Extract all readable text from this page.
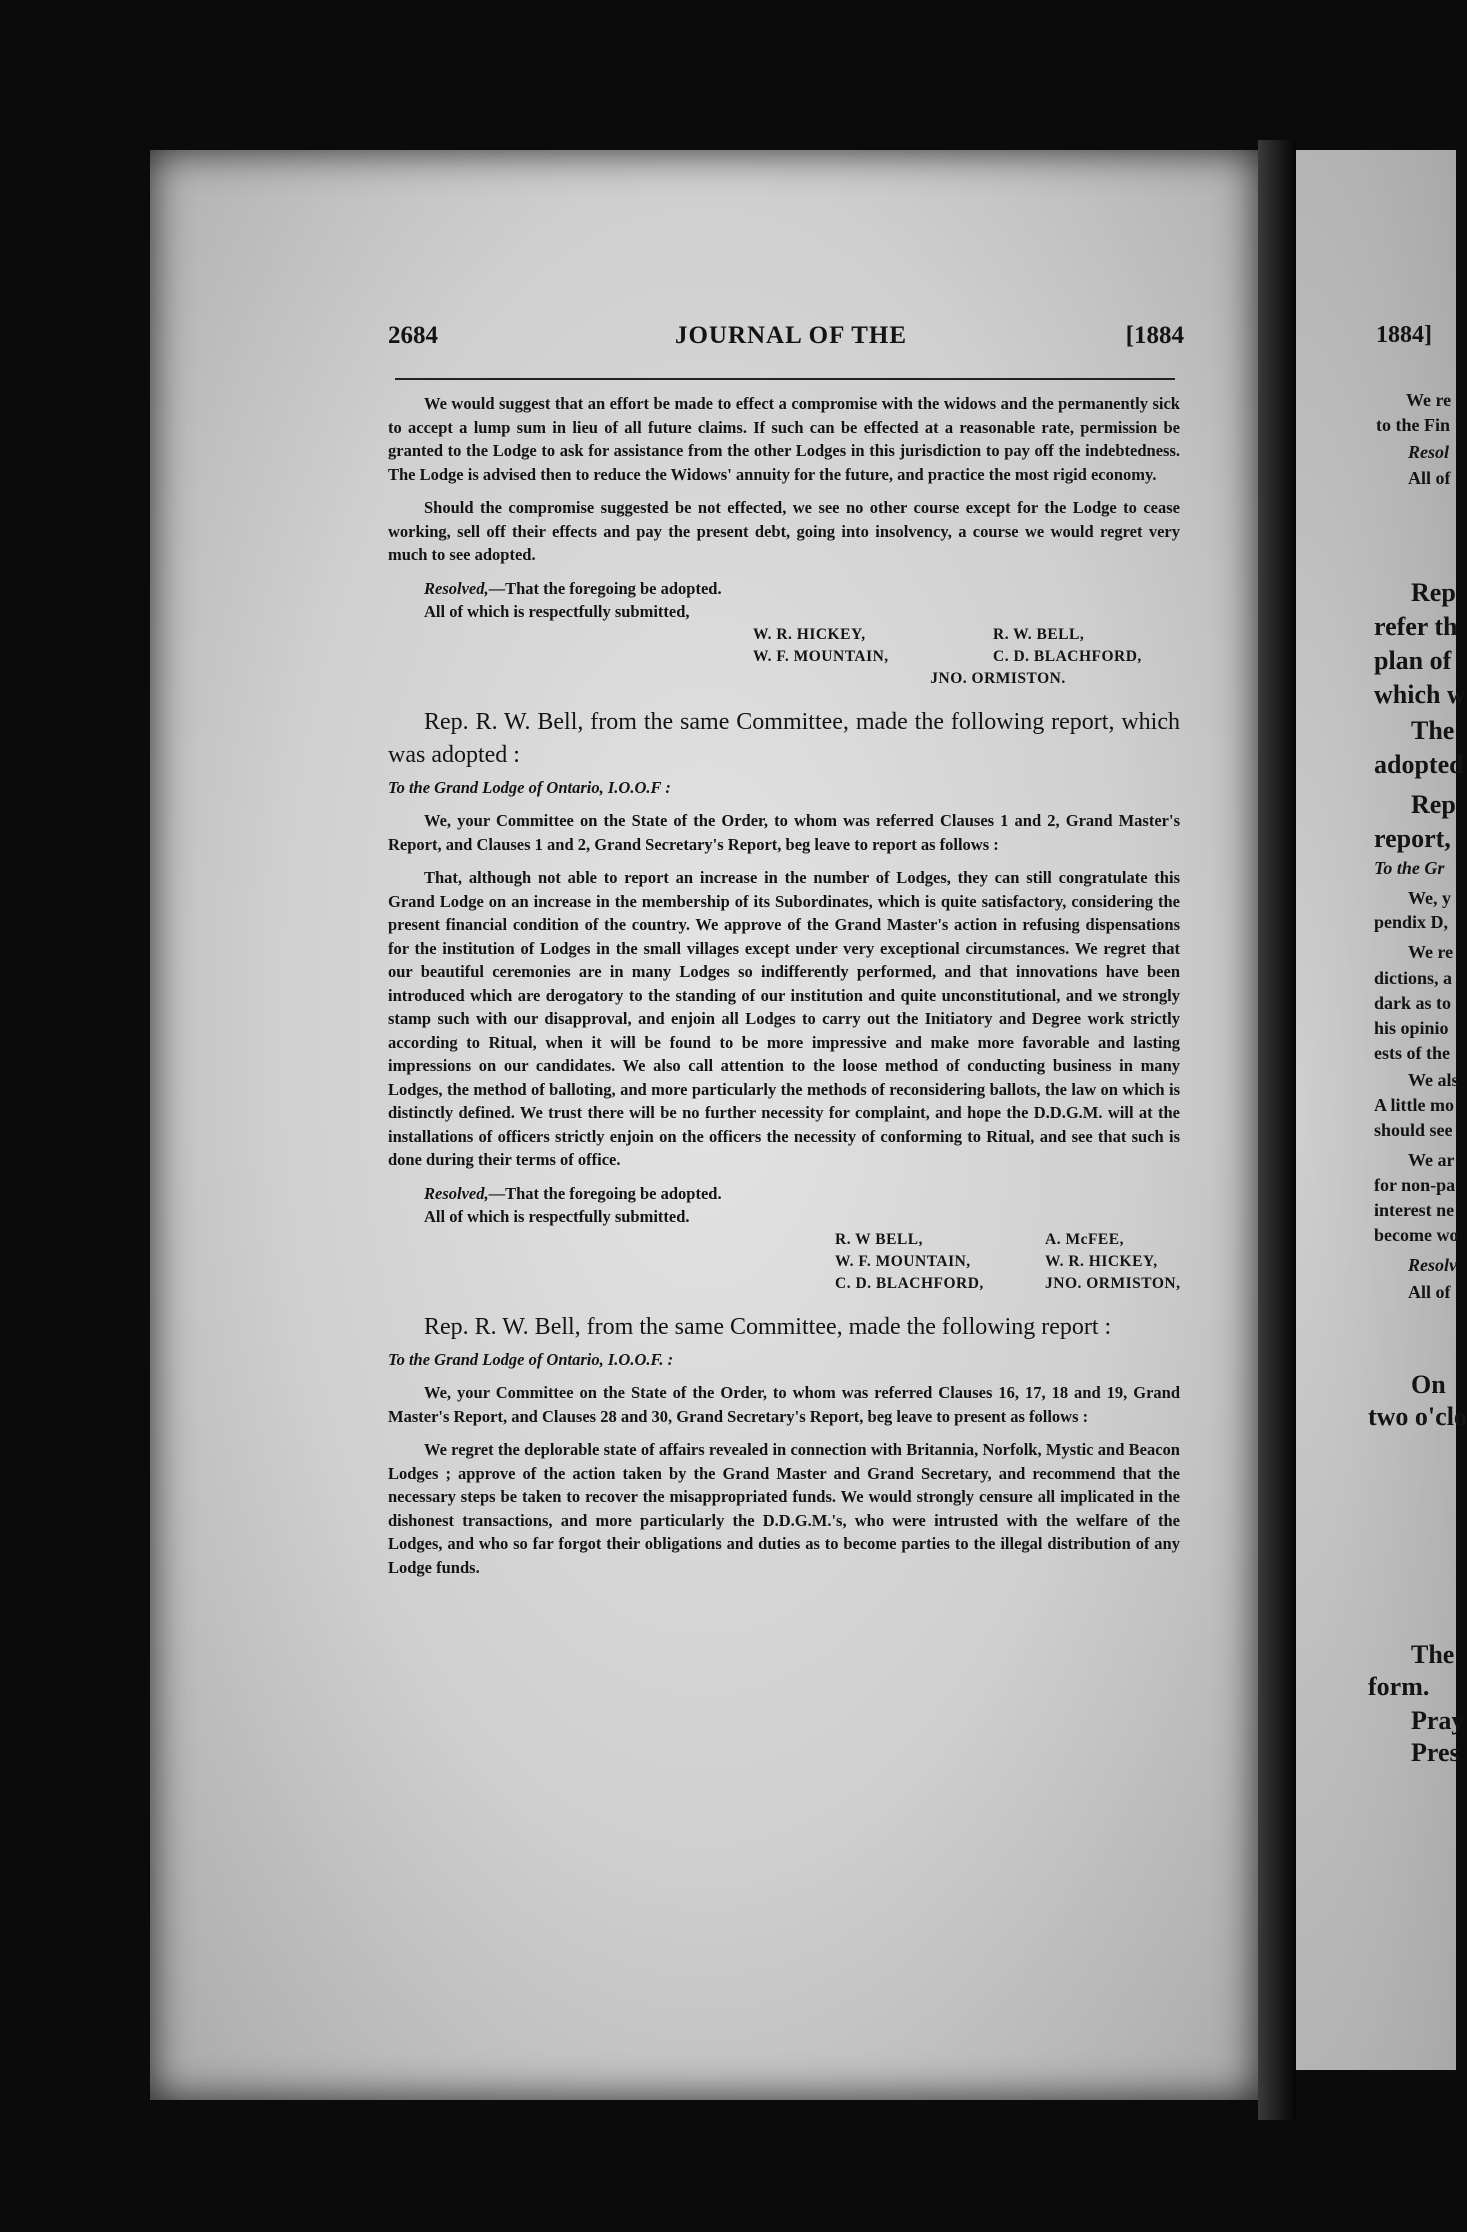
2684	JOURNAL OF THE	[1884

We would suggest that an effort be made to effect a compromise with the widows and the permanently sick to accept a lump sum in lieu of all future claims. If such can be effected at a reasonable rate, permission be granted to the Lodge to ask for assistance from the other Lodges in this jurisdiction to pay off the indebtedness. The Lodge is advised then to reduce the Widows' annuity for the future, and practice the most rigid economy.

Should the compromise suggested be not effected, we see no other course except for the Lodge to cease working, sell off their effects and pay the present debt, going into insolvency, a course we would regret very much to see adopted.

Resolved,—That the foregoing be adopted.

All of which is respectfully submitted,

W. R. HICKEY,	R. W. BELL,
W. F. MOUNTAIN,	C. D. BLACHFORD,
JNO. ORMISTON.

Rep. R. W. Bell, from the same Committee, made the following report, which was adopted :

To the Grand Lodge of Ontario, I.O.O.F :

We, your Committee on the State of the Order, to whom was referred Clauses 1 and 2, Grand Master's Report, and Clauses 1 and 2, Grand Secretary's Report, beg leave to report as follows :

That, although not able to report an increase in the number of Lodges, they can still congratulate this Grand Lodge on an increase in the membership of its Subordinates, which is quite satisfactory, considering the present financial condition of the country. We approve of the Grand Master's action in refusing dispensations for the institution of Lodges in the small villages except under very exceptional circumstances. We regret that our beautiful ceremonies are in many Lodges so indifferently performed, and that innovations have been introduced which are derogatory to the standing of our institution and quite unconstitutional, and we strongly stamp such with our disapproval, and enjoin all Lodges to carry out the Initiatory and Degree work strictly according to Ritual, when it will be found to be more impressive and make more favorable and lasting impressions on our candidates. We also call attention to the loose method of conducting business in many Lodges, the method of balloting, and more particularly the methods of reconsidering ballots, the law on which is distinctly defined. We trust there will be no further necessity for complaint, and hope the D.D.G.M. will at the installations of officers strictly enjoin on the officers the necessity of conforming to Ritual, and see that such is done during their terms of office.

Resolved,—That the foregoing be adopted.

All of which is respectfully submitted.

R. W BELL,	A. McFEE,
W. F. MOUNTAIN,	W. R. HICKEY,
C. D. BLACHFORD,	JNO. ORMISTON,

Rep. R. W. Bell, from the same Committee, made the following report :

To the Grand Lodge of Ontario, I.O.O.F. :

We, your Committee on the State of the Order, to whom was referred Clauses 16, 17, 18 and 19, Grand Master's Report, and Clauses 28 and 30, Grand Secretary's Report, beg leave to present as follows :

We regret the deplorable state of affairs revealed in connection with Britannia, Norfolk, Mystic and Beacon Lodges ; approve of the action taken by the Grand Master and Grand Secretary, and recommend that the necessary steps be taken to recover the misappropriated funds. We would strongly censure all implicated in the dishonest transactions, and more particularly the D.D.G.M.'s, who were intrusted with the welfare of the Lodges, and who so far forgot their obligations and duties as to become parties to the illegal distribution of any Lodge funds.

1884]
We re
to the Fin
Resol
All of
Rep
refer th
plan of
which w
The
adopted
Rep
report,
To the Gr
We, y
pendix D,
We re
dictions, a
dark as to
his opinio
ests of the
We als
A little mo
should see
We ar
for non-pa
interest ne
become wo
Resolv
All of
On
two o'clo
The
form.
Pray
Pres
